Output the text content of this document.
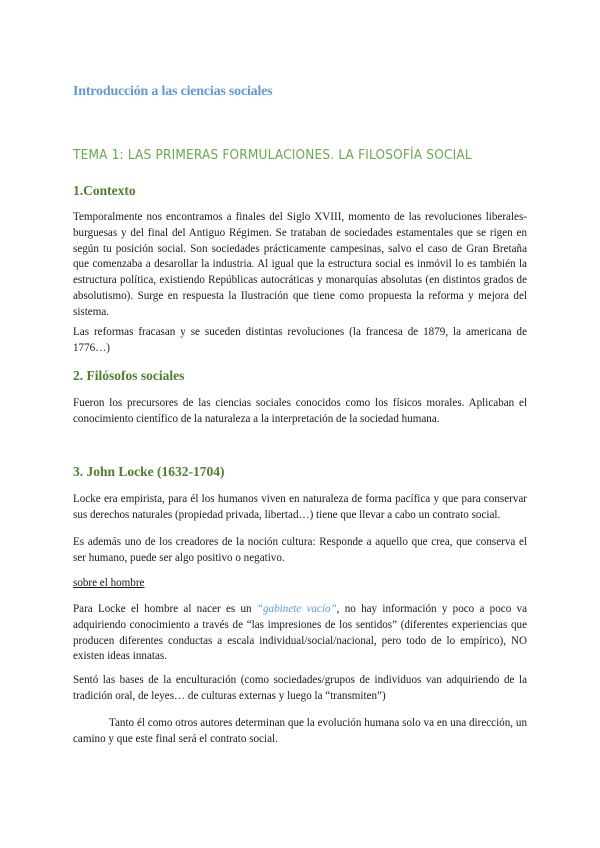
Introducción a las ciencias sociales
TEMA 1: LAS PRIMERAS FORMULACIONES. LA FILOSOFÍA SOCIAL
1.Contexto

Temporalmente nos encontramos a finales del Siglo XVIII, momento de las revoluciones liberales-burguesas y del final del Antiguo Régimen. Se trataban de sociedades estamentales que se rigen en según tu posición social. Son sociedades prácticamente campesinas, salvo el caso de Gran Bretaña que comenzaba a desarollar la industria. Al igual que la estructura social es inmóvil lo es también la estructura política, existiendo Repúblicas autocráticas y monarquías absolutas (en distintos grados de absolutismo). Surge en respuesta la Ilustración que tiene como propuesta la reforma y mejora del sistema.

Las reformas fracasan y se suceden distintas revoluciones (la francesa de 1879, la americana de 1776…)

2. Filósofos sociales

Fueron los precursores de las ciencias sociales conocidos como los físicos morales. Aplicaban el conocimiento científico de la naturaleza a la interpretación de la sociedad humana.

3. John Locke (1632-1704)

Locke era empirista, para él los humanos viven en naturaleza de forma pacífica y que para conservar sus derechos naturales (propiedad privada, libertad…) tiene que llevar a cabo un contrato social.

Es además uno de los creadores de la noción cultura: Responde a aquello que crea, que conserva el ser humano, puede ser algo positivo o negativo.

sobre el hombre

Para Locke el hombre al nacer es un “gabinete vacío”, no hay información y poco a poco va adquiriendo conocimiento a través de “las impresiones de los sentidos” (diferentes experiencias que producen diferentes conductas a escala individual/social/nacional, pero todo de lo empírico), NO existen ideas innatas.

Sentó las bases de la enculturación (como sociedades/grupos de individuos van adquiriendo de la tradición oral, de leyes… de culturas externas y luego la “transmiten”)

Tanto él como otros autores determinan que la evolución humana solo va en una dirección, un camino y que este final será el contrato social.
